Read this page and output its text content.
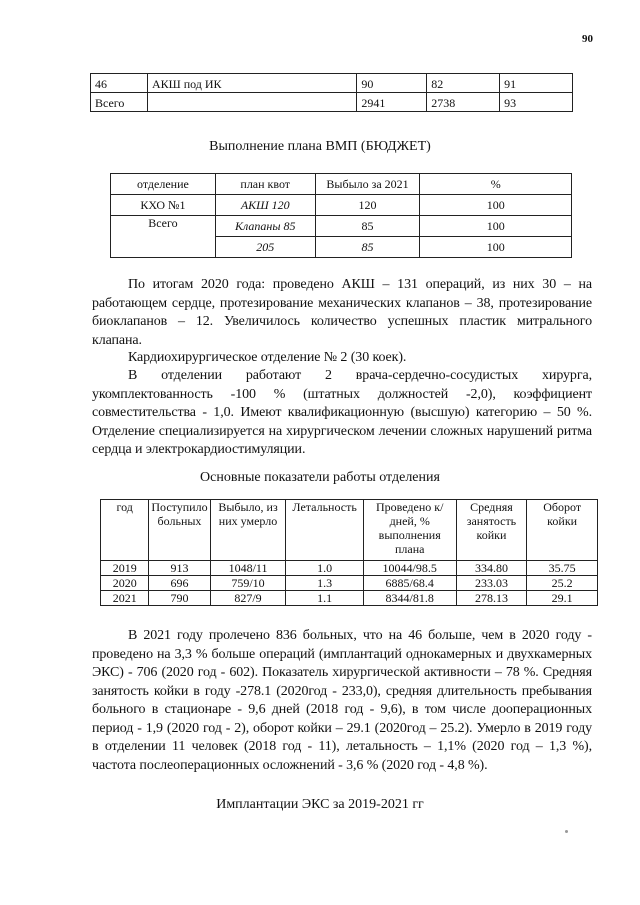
90
46	АКШ под ИК	90	82	91
Всего		2941	2738	93
Выполнение плана ВМП (БЮДЖЕТ)
отделение	план квот	Выбыло за 2021	%
КХО №1	АКШ 120	120	100
Всего	Клапаны 85	85	100
	205	85	100

По итогам 2020 года: проведено АКШ – 131 операций, из них 30 – на работающем сердце, протезирование механических клапанов – 38, протезирование биоклапанов – 12. Увеличилось количество успешных пластик митрального клапана.

Кардиохирургическое отделение № 2 (30 коек).

В отделении работают 2 врача-сердечно-сосудистых хирурга, укомплектованность -100 % (штатных должностей -2,0), коэффициент совместительства - 1,0. Имеют квалификационную (высшую) категорию – 50 %. Отделение специализируется на хирургическом лечении сложных нарушений ритма сердца и электрокардиостимуляции.

Основные показатели работы отделения
год	Поступило больных	Выбыло, из них умерло	Летальность	Проведено к/дней, % выполнения плана	Средняя занятость койки	Оборот койки
2019	913	1048/11	1.0	10044/98.5	334.80	35.75
2020	696	759/10	1.3	6885/68.4	233.03	25.2
2021	790	827/9	1.1	8344/81.8	278.13	29.1

В 2021 году пролечено 836 больных, что на 46 больше, чем в 2020 году - проведено на 3,3 % больше операций (имплантаций однокамерных и двухкамерных ЭКС) - 706 (2020 год - 602). Показатель хирургической активности – 78 %. Средняя занятость койки в году -278.1 (2020год - 233,0), средняя длительность пребывания больного в стационаре - 9,6 дней (2018 год - 9,6), в том числе дооперационных период - 1,9 (2020 год - 2), оборот койки – 29.1 (2020год – 25.2). Умерло в 2019 году в отделении 11 человек (2018 год - 11), летальность – 1,1% (2020 год – 1,3 %), частота послеоперационных осложнений - 3,6 % (2020 год - 4,8 %).

Имплантации ЭКС за 2019-2021 гг
